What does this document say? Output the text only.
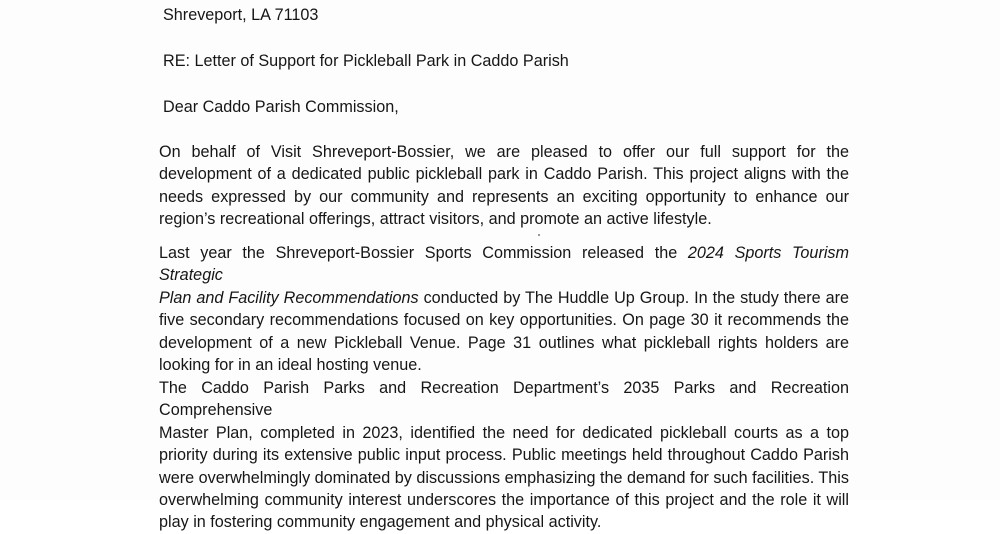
Shreveport, LA 71103
RE: Letter of Support for Pickleball Park in Caddo Parish
Dear Caddo Parish Commission,
On behalf of Visit Shreveport-Bossier, we are pleased to offer our full support for the
development of a dedicated public pickleball park in Caddo Parish. This project aligns with the
needs expressed by our community and represents an exciting opportunity to enhance our
region’s recreational offerings, attract visitors, and promote an active lifestyle.
Last year the Shreveport-Bossier Sports Commission released the 2024 Sports Tourism Strategic
Plan and Facility Recommendations conducted by The Huddle Up Group. In the study there are
five secondary recommendations focused on key opportunities. On page 30 it recommends the
development of a new Pickleball Venue. Page 31 outlines what pickleball rights holders are
looking for in an ideal hosting venue.
The Caddo Parish Parks and Recreation Department’s 2035 Parks and Recreation Comprehensive
Master Plan, completed in 2023, identified the need for dedicated pickleball courts as a top
priority during its extensive public input process. Public meetings held throughout Caddo Parish
were overwhelmingly dominated by discussions emphasizing the demand for such facilities. This
overwhelming community interest underscores the importance of this project and the role it will
play in fostering community engagement and physical activity.
